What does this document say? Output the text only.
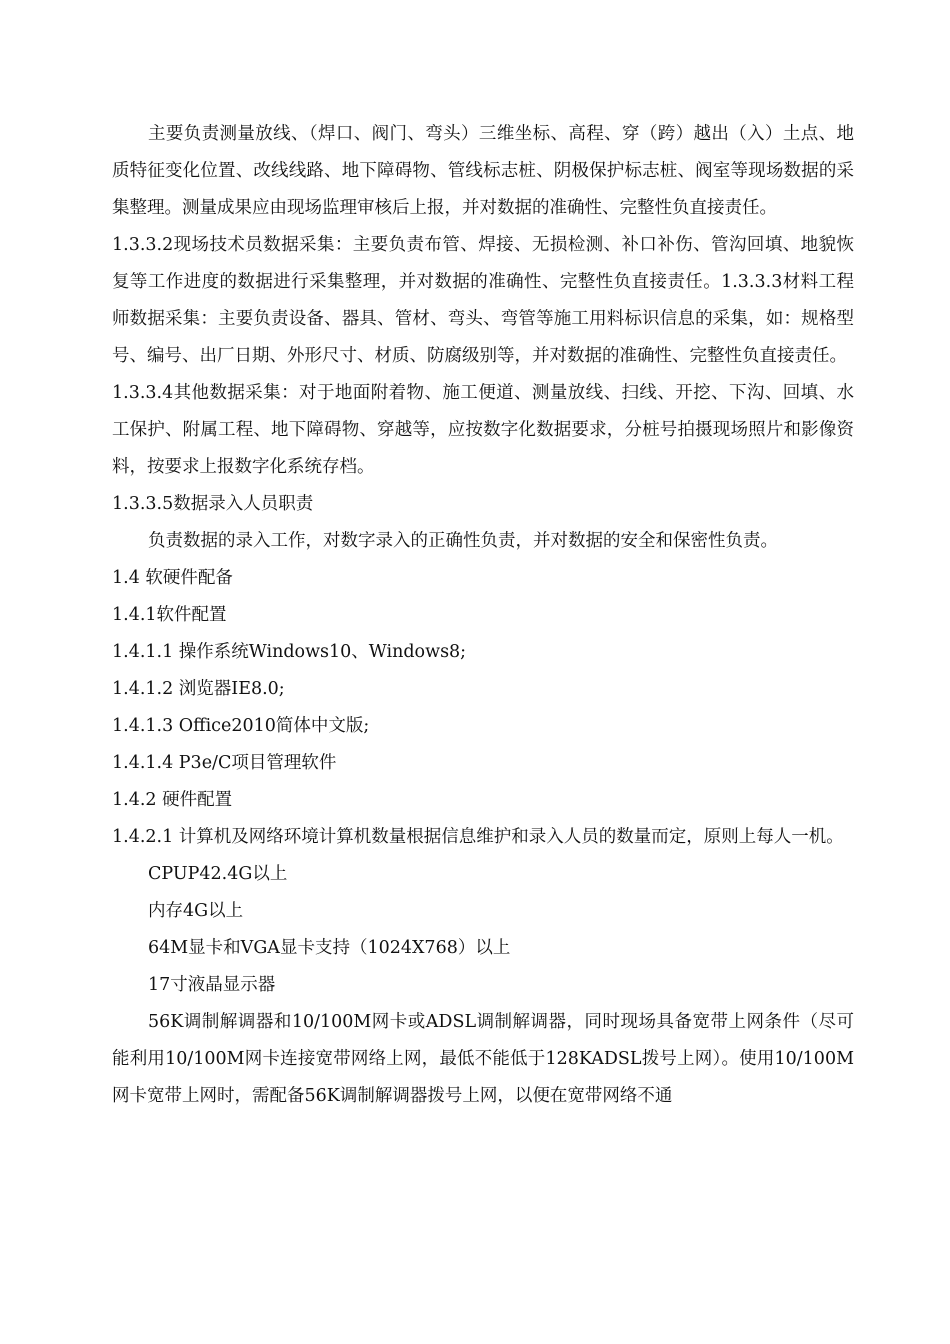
主要负责测量放线、（焊口、阀门、弯头）三维坐标、高程、穿（跨）越出（入）土点、地质特征变化位置、改线线路、地下障碍物、管线标志桩、阴极保护标志桩、阀室等现场数据的采集整理。测量成果应由现场监理审核后上报，并对数据的准确性、完整性负直接责任。

1.3.3.2现场技术员数据采集：主要负责布管、焊接、无损检测、补口补伤、管沟回填、地貌恢复等工作进度的数据进行采集整理，并对数据的准确性、完整性负直接责任。1.3.3.3材料工程师数据采集：主要负责设备、器具、管材、弯头、弯管等施工用料标识信息的采集，如：规格型号、编号、出厂日期、外形尺寸、材质、防腐级别等，并对数据的准确性、完整性负直接责任。

1.3.3.4其他数据采集：对于地面附着物、施工便道、测量放线、扫线、开挖、下沟、回填、水工保护、附属工程、地下障碍物、穿越等，应按数字化数据要求，分桩号拍摄现场照片和影像资料，按要求上报数字化系统存档。

1.3.3.5数据录入人员职责

负责数据的录入工作，对数字录入的正确性负责，并对数据的安全和保密性负责。

1.4 软硬件配备

1.4.1软件配置

1.4.1.1 操作系统Windows10、Windows8;

1.4.1.2 浏览器IE8.0;

1.4.1.3 Office2010简体中文版;

1.4.1.4 P3e/C项目管理软件

1.4.2 硬件配置

1.4.2.1 计算机及网络环境计算机数量根据信息维护和录入人员的数量而定，原则上每人一机。

CPUP42.4G以上

内存4G以上

64M显卡和VGA显卡支持（1024X768）以上

17寸液晶显示器

56K调制解调器和10/100M网卡或ADSL调制解调器，同时现场具备宽带上网条件（尽可能利用10/100M网卡连接宽带网络上网，最低不能低于128KADSL拨号上网）。使用10/100M网卡宽带上网时，需配备56K调制解调器拨号上网，以便在宽带网络不通
